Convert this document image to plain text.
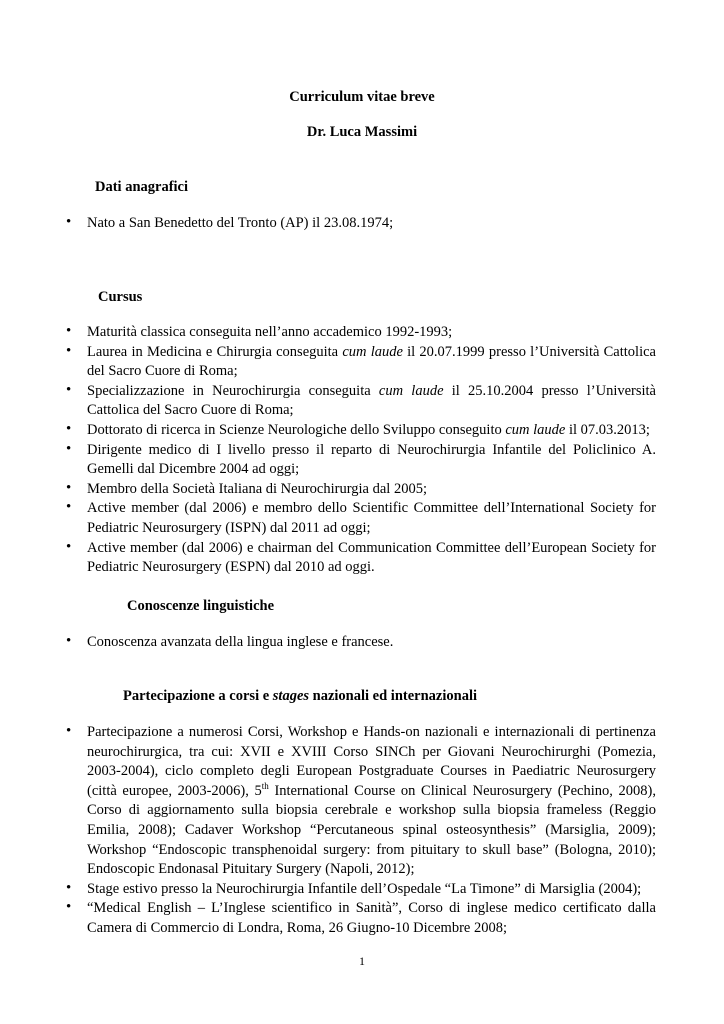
Curriculum vitae breve
Dr. Luca Massimi
Dati anagrafici
• Nato a San Benedetto del Tronto (AP) il 23.08.1974;
Cursus
• Maturità classica conseguita nell’anno accademico 1992-1993;
• Laurea in Medicina e Chirurgia conseguita cum laude il 20.07.1999 presso l’Università Cattolica del Sacro Cuore di Roma;
• Specializzazione in Neurochirurgia conseguita cum laude il 25.10.2004 presso l’Università Cattolica del Sacro Cuore di Roma;
• Dottorato di ricerca in Scienze Neurologiche dello Sviluppo conseguito cum laude il 07.03.2013;
• Dirigente medico di I livello presso il reparto di Neurochirurgia Infantile del Policlinico A. Gemelli dal Dicembre 2004 ad oggi;
• Membro della Società Italiana di Neurochirurgia dal 2005;
• Active member (dal 2006) e membro dello Scientific Committee dell’International Society for Pediatric Neurosurgery (ISPN) dal 2011 ad oggi;
• Active member (dal 2006) e chairman del Communication Committee dell’European Society for Pediatric Neurosurgery (ESPN) dal 2010 ad oggi.
Conoscenze linguistiche
• Conoscenza avanzata della lingua inglese e francese.
Partecipazione a corsi e stages nazionali ed internazionali
• Partecipazione a numerosi Corsi, Workshop e Hands-on nazionali e internazionali di pertinenza neurochirurgica, tra cui: XVII e XVIII Corso SINCh per Giovani Neurochirurghi (Pomezia, 2003-2004), ciclo completo degli European Postgraduate Courses in Paediatric Neurosurgery (città europee, 2003-2006), 5th International Course on Clinical Neurosurgery (Pechino, 2008), Corso di aggiornamento sulla biopsia cerebrale e workshop sulla biopsia frameless (Reggio Emilia, 2008); Cadaver Workshop “Percutaneous spinal osteosynthesis” (Marsiglia, 2009); Workshop “Endoscopic transphenoidal surgery: from pituitary to skull base” (Bologna, 2010); Endoscopic Endonasal Pituitary Surgery (Napoli, 2012);
• Stage estivo presso la Neurochirurgia Infantile dell’Ospedale “La Timone” di Marsiglia (2004);
• “Medical English – L’Inglese scientifico in Sanità”, Corso di inglese medico certificato dalla Camera di Commercio di Londra, Roma, 26 Giugno-10 Dicembre 2008;
1
